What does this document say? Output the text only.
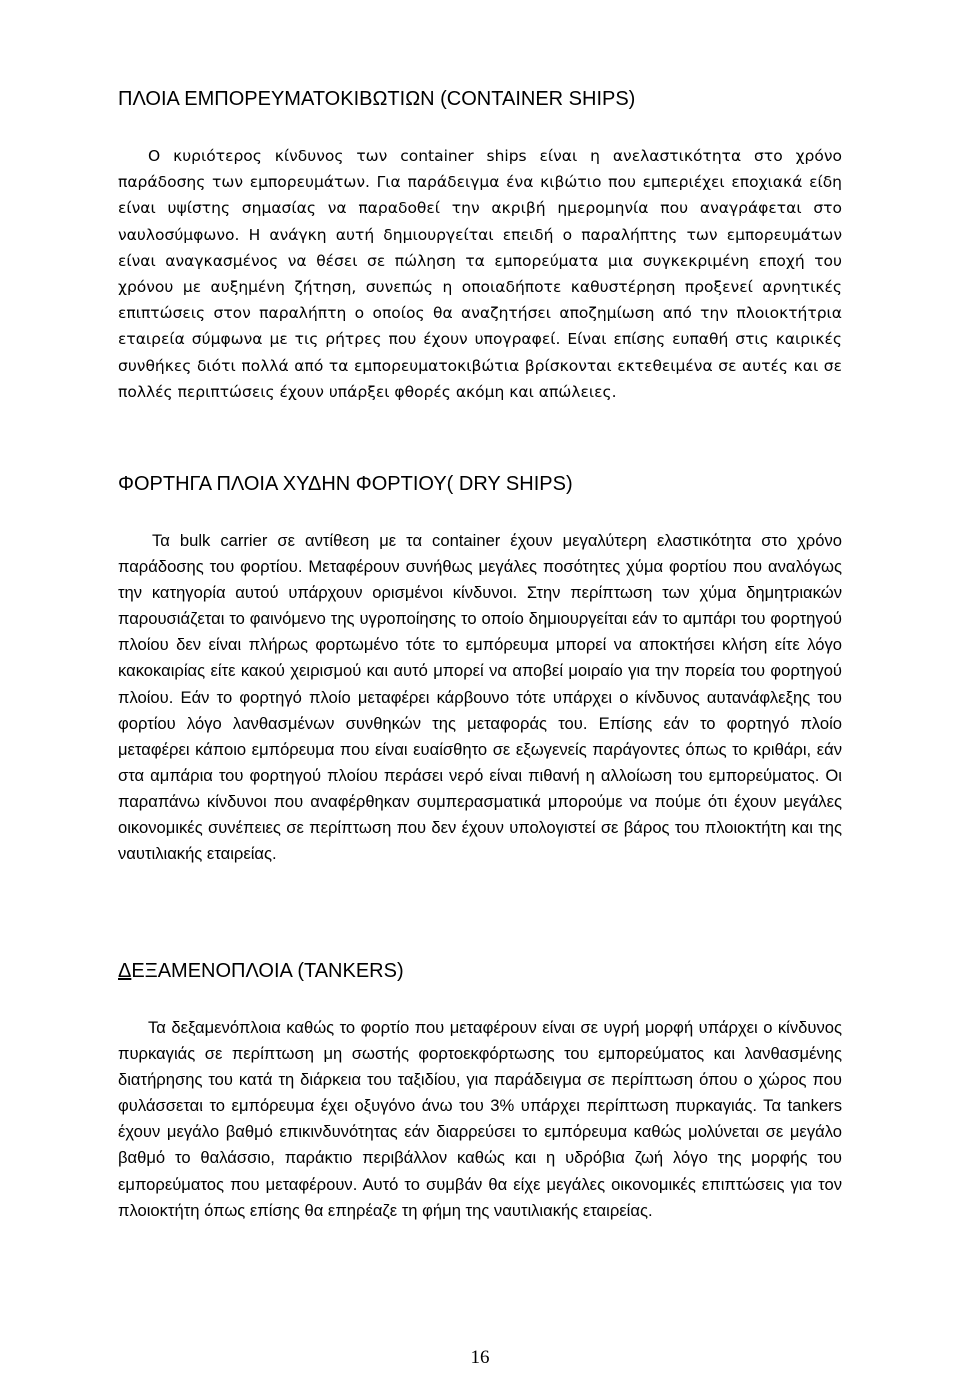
ΠΛΟΙΑ ΕΜΠΟΡΕΥΜΑΤΟΚΙΒΩΤΙΩΝ (CONTAINER SHIPS)

Ο κυριότερος κίνδυνος των container ships είναι η ανελαστικότητα στο χρόνο παράδοσης των εμπορευμάτων. Για παράδειγμα ένα κιβώτιο που εμπεριέχει εποχιακά είδη είναι υψίστης σημασίας να παραδοθεί την ακριβή ημερομηνία που αναγράφεται στο ναυλοσύμφωνο. Η ανάγκη αυτή δημιουργείται επειδή ο παραλήπτης των εμπορευμάτων είναι αναγκασμένος να θέσει σε πώληση τα εμπορεύματα μια συγκεκριμένη εποχή του χρόνου με αυξημένη ζήτηση, συνεπώς η οποιαδήποτε καθυστέρηση προξενεί αρνητικές επιπτώσεις στον παραλήπτη ο οποίος θα αναζητήσει αποζημίωση από την πλοιοκτήτρια εταιρεία σύμφωνα με τις ρήτρες που έχουν υπογραφεί. Είναι επίσης ευπαθή στις καιρικές συνθήκες διότι πολλά από τα εμπορευματοκιβώτια βρίσκονται εκτεθειμένα σε αυτές και σε πολλές περιπτώσεις έχουν υπάρξει φθορές ακόμη και απώλειες.

ΦΟΡΤΗΓΑ ΠΛΟΙΑ ΧΥΔΗΝ ΦΟΡΤΙΟΥ( DRY SHIPS)

Τα bulk carrier σε αντίθεση με τα container έχουν μεγαλύτερη ελαστικότητα στο χρόνο παράδοσης του φορτίου. Μεταφέρουν συνήθως μεγάλες ποσότητες χύμα φορτίου που αναλόγως την κατηγορία αυτού υπάρχουν ορισμένοι κίνδυνοι. Στην περίπτωση των χύμα δημητριακών παρουσιάζεται το φαινόμενο της υγροποίησης το οποίο δημιουργείται εάν το αμπάρι του φορτηγού πλοίου δεν είναι πλήρως φορτωμένο τότε το εμπόρευμα μπορεί να αποκτήσει κλήση είτε λόγο κακοκαιρίας είτε κακού χειρισμού και αυτό μπορεί να αποβεί μοιραίο για την πορεία του φορτηγού πλοίου. Εάν το φορτηγό πλοίο μεταφέρει κάρβουνο τότε υπάρχει ο κίνδυνος αυτανάφλεξης του φορτίου λόγο λανθασμένων συνθηκών της μεταφοράς του. Επίσης εάν το φορτηγό πλοίο μεταφέρει κάποιο εμπόρευμα που είναι ευαίσθητο σε εξωγενείς παράγοντες όπως το κριθάρι, εάν στα αμπάρια του φορτηγού πλοίου περάσει νερό είναι πιθανή η αλλοίωση του εμπορεύματος. Οι παραπάνω κίνδυνοι που αναφέρθηκαν συμπερασματικά μπορούμε να πούμε ότι έχουν μεγάλες οικονομικές συνέπειες σε περίπτωση που δεν έχουν υπολογιστεί σε βάρος του πλοιοκτήτη και της ναυτιλιακής εταιρείας.

ΔΕΞΑΜΕΝΟΠΛΟΙΑ (TANKERS)

Τα δεξαμενόπλοια καθώς το φορτίο που μεταφέρουν είναι σε υγρή μορφή υπάρχει ο κίνδυνος πυρκαγιάς σε περίπτωση μη σωστής φορτοεκφόρτωσης του εμπορεύματος και λανθασμένης διατήρησης του κατά τη διάρκεια του ταξιδίου, για παράδειγμα σε περίπτωση όπου ο χώρος που φυλάσσεται το εμπόρευμα έχει οξυγόνο άνω του 3% υπάρχει περίπτωση πυρκαγιάς. Τα tankers έχουν μεγάλο βαθμό επικινδυνότητας εάν διαρρεύσει το εμπόρευμα καθώς μολύνεται σε μεγάλο βαθμό το θαλάσσιο, παράκτιο περιβάλλον καθώς και η υδρόβια ζωή λόγο της μορφής του εμπορεύματος που μεταφέρουν. Αυτό το συμβάν θα είχε μεγάλες οικονομικές επιπτώσεις για τον πλοιοκτήτη όπως επίσης θα επηρέαζε τη φήμη της ναυτιλιακής εταιρείας.

16
